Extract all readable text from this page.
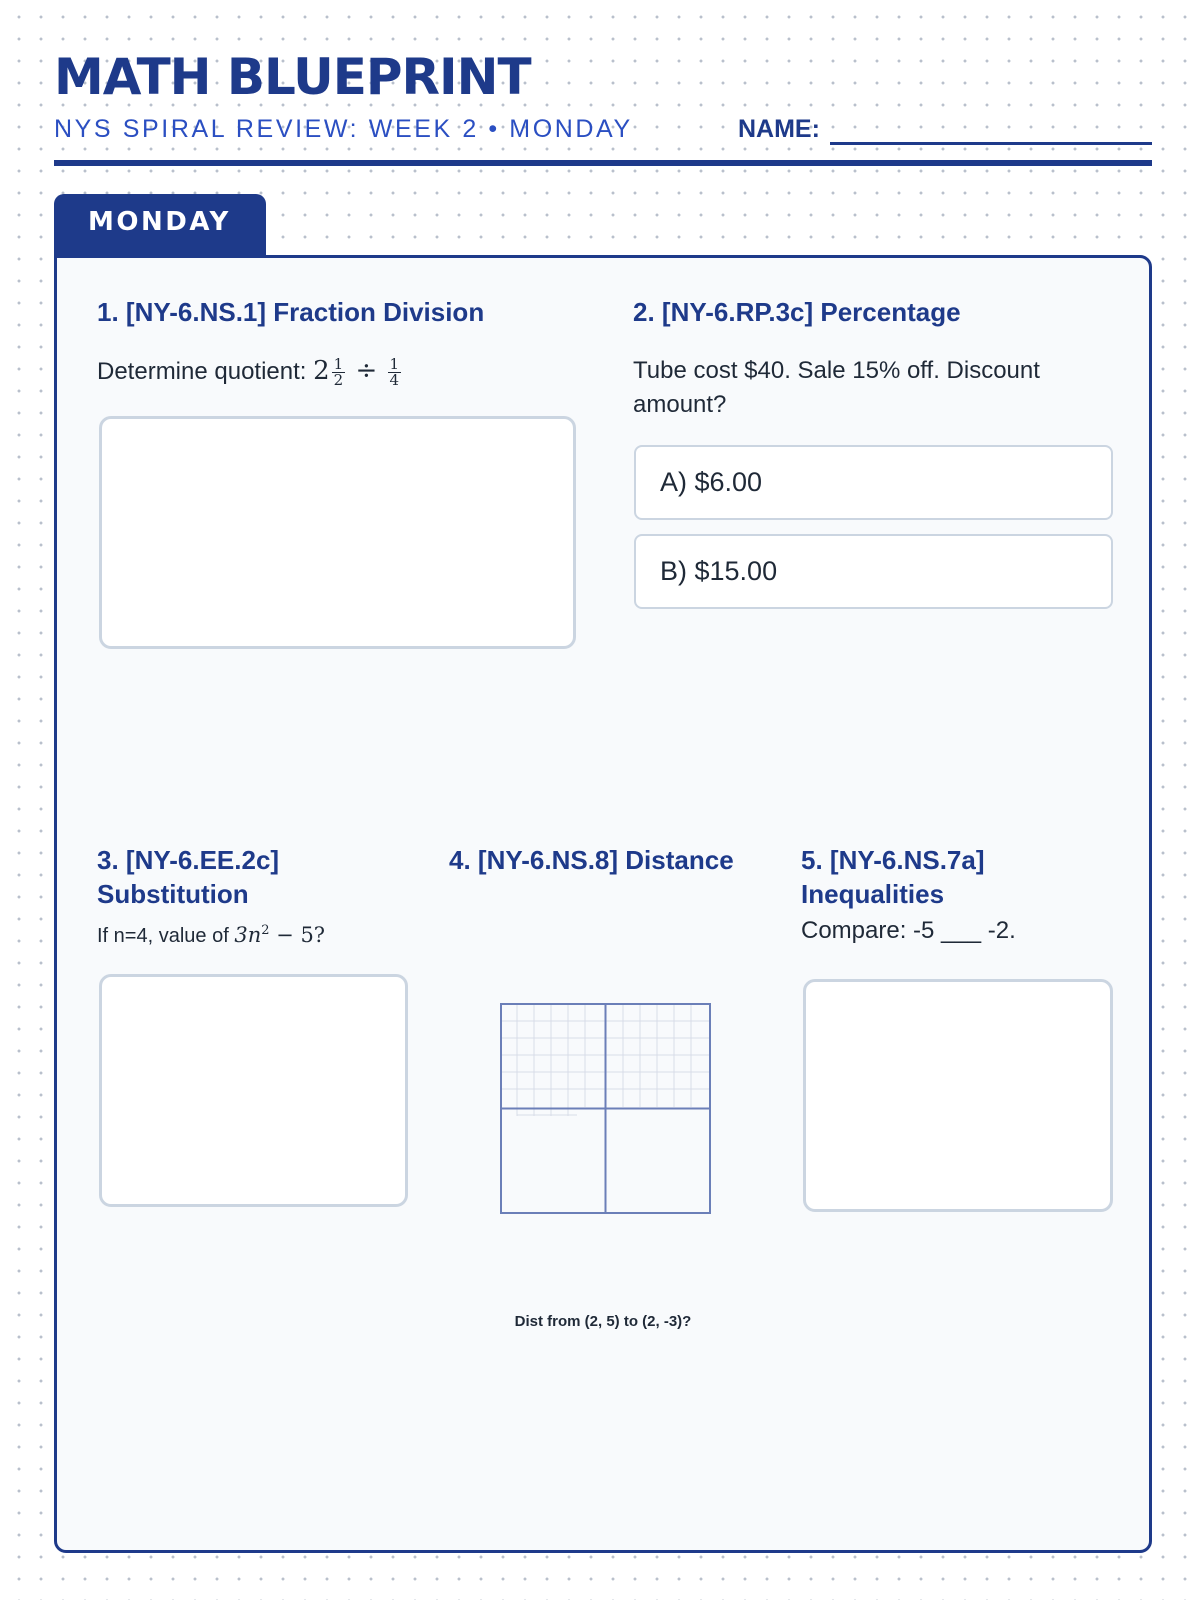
MATH BLUEPRINT
NYS SPIRAL REVIEW: WEEK 2 • MONDAY	NAME:
MONDAY
1. [NY-6.NS.1] Fraction Division
Determine quotient: $2 \frac{1}{2} \div \frac{1}{4}$
2. [NY-6.RP.3c] Percentage
Tube cost $40. Sale 15% off. Discount amount?
A) $6.00
B) $15.00
3. [NY-6.EE.2c] Substitution
If n=4, value of $3n^2 - 5$?
4. [NY-6.NS.8] Distance
Dist from (2, 5) to (2, -3)?
5. [NY-6.NS.7a] Inequalities
Compare: -5 ___ -2.
